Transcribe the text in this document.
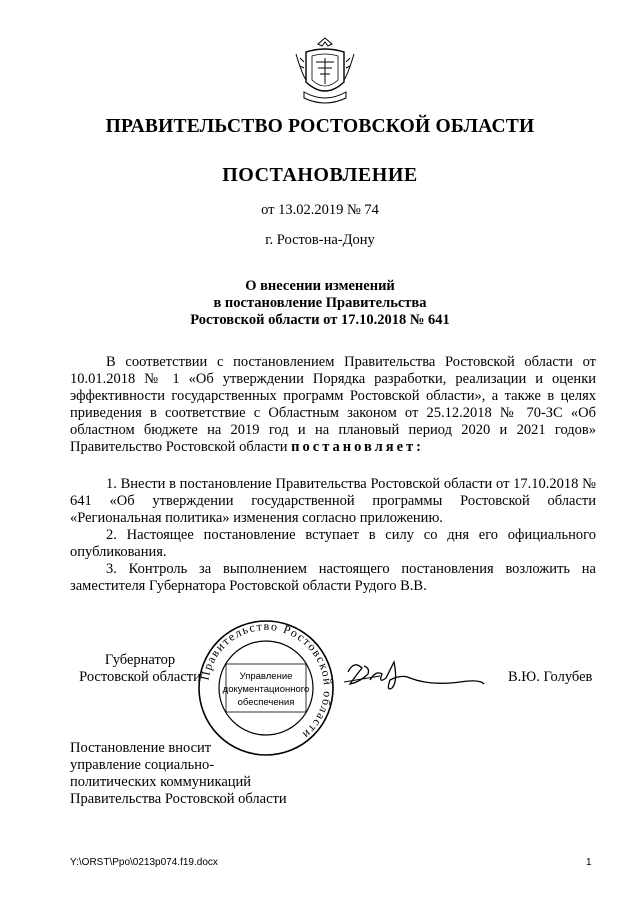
ПРАВИТЕЛЬСТВО РОСТОВСКОЙ ОБЛАСТИ
ПОСТАНОВЛЕНИЕ
от 13.02.2019 № 74
г. Ростов-на-Дону
О внесении изменений
в постановление Правительства
Ростовской области от 17.10.2018 № 641

В соответствии с постановлением Правительства Ростовской области от 10.01.2018 № 1 «Об утверждении Порядка разработки, реализации и оценки эффективности государственных программ Ростовской области», а также в целях приведения в соответствие с Областным законом от 25.12.2018 № 70-ЗС «Об областном бюджете на 2019 год и на плановый период 2020 и 2021 годов» Правительство Ростовской области постановляет:

1. Внести в постановление Правительства Ростовской области от 17.10.2018 № 641 «Об утверждении государственной программы Ростовской области «Региональная политика» изменения согласно приложению.

2. Настоящее постановление вступает в силу со дня его официального опубликования.

3. Контроль за выполнением настоящего постановления возложить на заместителя Губернатора Ростовской области Рудого В.В.

Губернатор
Ростовской области
Правительство Ростовской области
Управление
документационного
обеспечения
В.Ю. Голубев
Постановление вносит
управление социально-
политических коммуникаций
Правительства Ростовской области
Y:\ORST\Ppo\0213p074.f19.docx	1
